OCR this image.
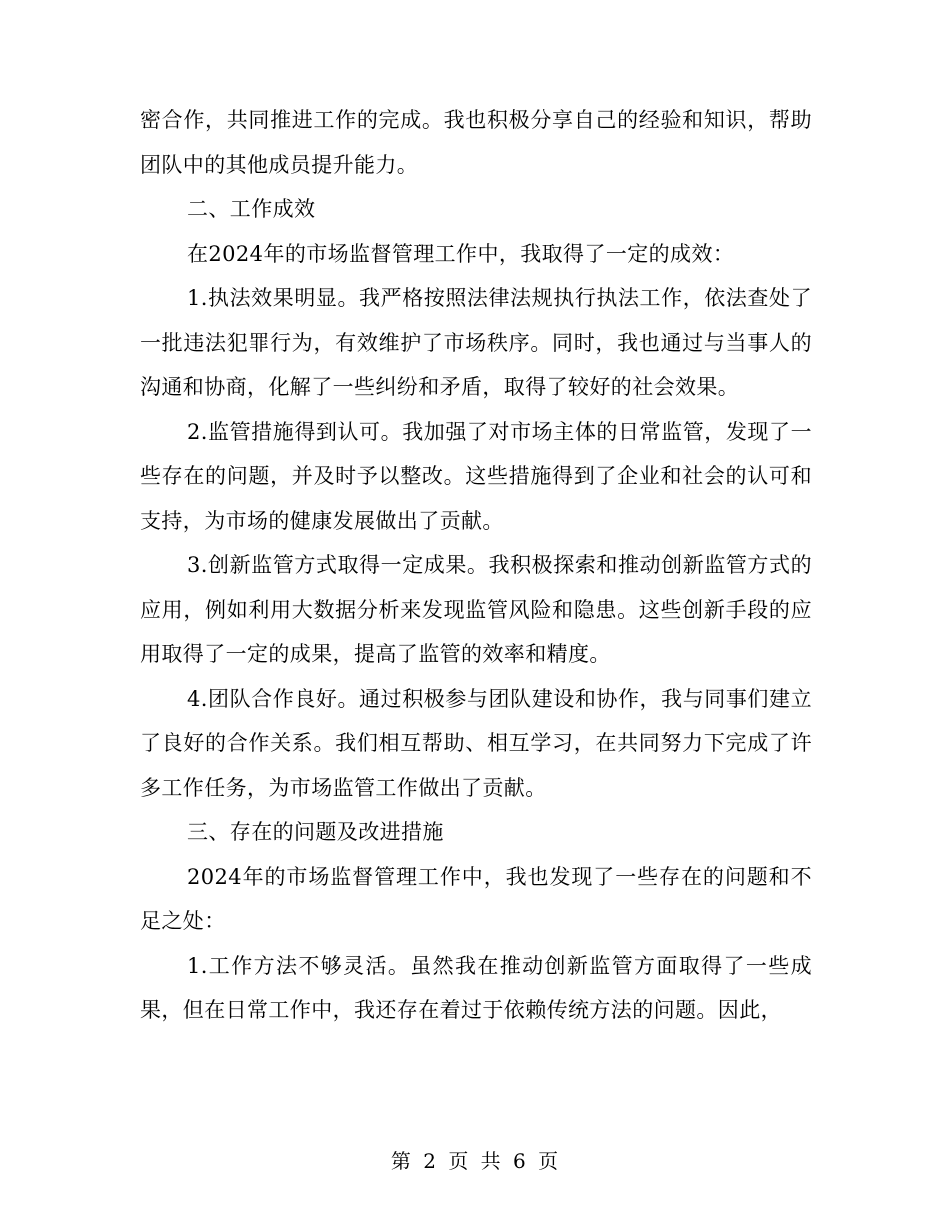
密合作，共同推进工作的完成。我也积极分享自己的经验和知识，帮助团队中的其他成员提升能力。

二、工作成效

在2024年的市场监督管理工作中，我取得了一定的成效：

1.执法效果明显。我严格按照法律法规执行执法工作，依法查处了一批违法犯罪行为，有效维护了市场秩序。同时，我也通过与当事人的沟通和协商，化解了一些纠纷和矛盾，取得了较好的社会效果。

2.监管措施得到认可。我加强了对市场主体的日常监管，发现了一些存在的问题，并及时予以整改。这些措施得到了企业和社会的认可和支持，为市场的健康发展做出了贡献。

3.创新监管方式取得一定成果。我积极探索和推动创新监管方式的应用，例如利用大数据分析来发现监管风险和隐患。这些创新手段的应用取得了一定的成果，提高了监管的效率和精度。

4.团队合作良好。通过积极参与团队建设和协作，我与同事们建立了良好的合作关系。我们相互帮助、相互学习，在共同努力下完成了许多工作任务，为市场监管工作做出了贡献。

三、存在的问题及改进措施

2024年的市场监督管理工作中，我也发现了一些存在的问题和不足之处：

1.工作方法不够灵活。虽然我在推动创新监管方面取得了一些成果，但在日常工作中，我还存在着过于依赖传统方法的问题。因此，

第 2 页 共 6 页
